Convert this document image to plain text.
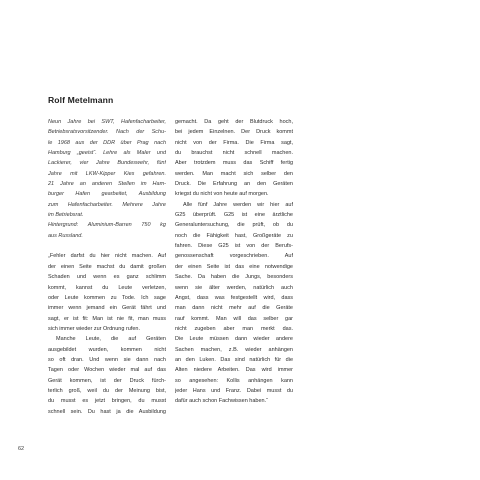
Rolf Metelmann
Neun Jahre bei SWT, Hafenfacharbeiter,
Betriebsratsvorsitzender. Nach der Schu-
le 1968 aus der DDR über Prag nach
Hamburg „geeist“. Lehre als Maler und
Lackierer, vier Jahre Bundeswehr, fünf
Jahre mit LKW-Kipper Kies gefahren.
21 Jahre an anderen Stellen im Ham-
burger Hafen gearbeitet, Ausbildung
zum Hafenfacharbeiter. Mehrere Jahre
im Betriebsrat.
Hintergrund: Aluminium-Barren 750 kg
aus Russland.
„Fehler darfst du hier nicht machen. Auf
der einen Seite machst du damit großen
Schaden und wenn es ganz schlimm
kommt, kannst du Leute verletzen,
oder Leute kommen zu Tode. Ich sage
immer wenn jemand ein Gerät fährt und
sagt, er ist fit: Man ist nie fit, man muss
sich immer wieder zur Ordnung rufen.
Manche Leute, die auf Geräten
ausgebildet wurden, kommen nicht
so oft dran. Und wenn sie dann nach
Tagen oder Wochen wieder mal auf das
Gerät kommen, ist der Druck fürch-
terlich groß, weil du der Meinung bist,
du musst es jetzt bringen, du musst
schnell sein. Du hast ja die Ausbildung
gemacht. Da geht der Blutdruck hoch,
bei jedem Einzelnen. Der Druck kommt
nicht von der Firma. Die Firma sagt,
du brauchst nicht schnell machen.
Aber trotzdem muss das Schiff fertig
werden. Man macht sich selber den
Druck. Die Erfahrung an den Geräten
kriegst du nicht von heute auf morgen.
Alle fünf Jahre werden wir hier auf
G25 überprüft. G25 ist eine ärztliche
Generaluntersuchung, die prüft, ob du
noch die Fähigkeit hast, Großgeräte zu
fahren. Diese G25 ist von der Berufs-
genossenschaft vorgeschrieben. Auf
der einen Seite ist das eine notwendige
Sache. Da haben die Jungs, besonders
wenn sie älter werden, natürlich auch
Angst, dass was festgestellt wird, dass
man dann nicht mehr auf die Geräte
rauf kommt. Man will das selber gar
nicht zugeben aber man merkt das.
Die Leute müssen dann wieder andere
Sachen machen, z.B. wieder anhängen
an den Luken. Das sind natürlich für die
Alten niedere Arbeiten. Das wird immer
so angesehen: Kollis anhängen kann
jeder Hans und Franz. Dabei musst du
dafür auch schon Fachwissen haben.“
62
